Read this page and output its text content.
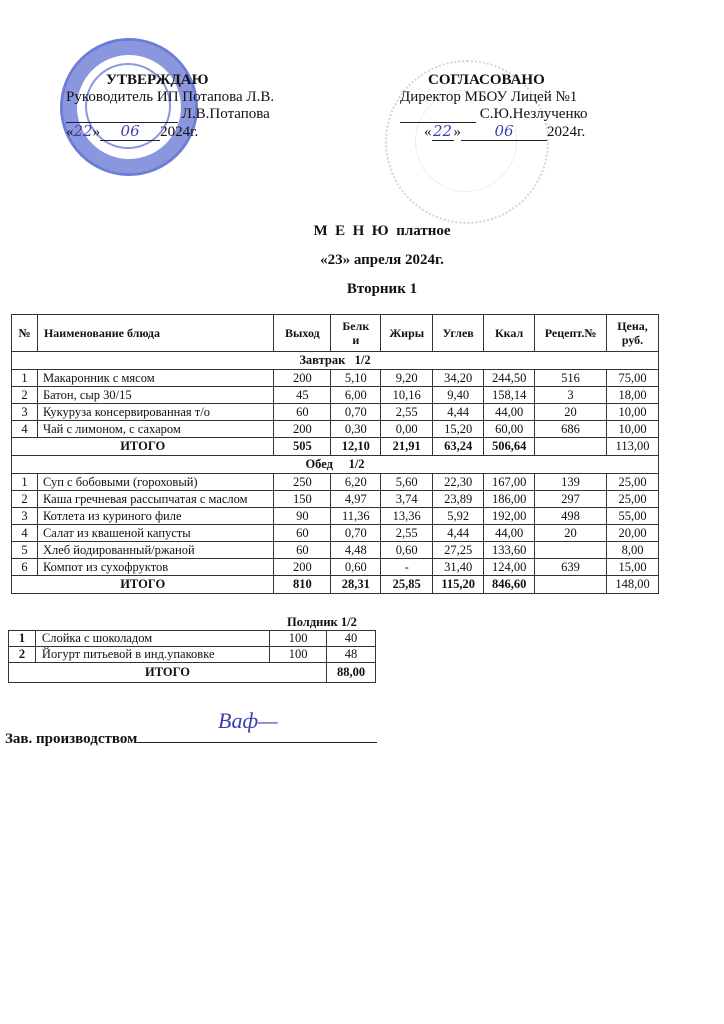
УТВЕРЖДАЮ
Руководитель ИП Потапова Л.В.
Л.В.Потапова
«22» 06 2024г.
СОГЛАСОВАНО
Директор МБОУ Лицей №1
С.Ю.Незлученко
«22» 06 2024г.
М  Е  Н  Ю  платное
«23» апреля 2024г.
Вторник 1
№	Наименование блюда	Выход	Белк и	Жиры	Углев	Ккал	Рецепт.№	Цена, руб.
Завтрак   1/2								
1	Макаронник с мясом	200	5,10	9,20	34,20	244,50	516	75,00
2	Батон, сыр 30/15	45	6,00	10,16	9,40	158,14	3	18,00
3	Кукуруза консервированная т/о	60	0,70	2,55	4,44	44,00	20	10,00
4	Чай с лимоном, с сахаром	200	0,30	0,00	15,20	60,00	686	10,00
ИТОГО		505	12,10	21,91	63,24	506,64		113,00
Обед     1/2								
1	Суп с бобовыми (гороховый)	250	6,20	5,60	22,30	167,00	139	25,00
2	Каша гречневая рассыпчатая с маслом	150	4,97	3,74	23,89	186,00	297	25,00
3	Котлета из куриного филе	90	11,36	13,36	5,92	192,00	498	55,00
4	Салат из квашеной капусты	60	0,70	2,55	4,44	44,00	20	20,00
5	Хлеб йодированный/ржаной	60	4,48	0,60	27,25	133,60		8,00
6	Компот из сухофруктов	200	0,60	-	31,40	124,00	639	15,00
ИТОГО		810	28,31	25,85	115,20	846,60		148,00
Полдник 1/2
1	Слойка с шоколадом	100	40
2	Йогурт питьевой в инд.упаковке	100	48
ИТОГО			88,00
Зав. производством
Ваф—
